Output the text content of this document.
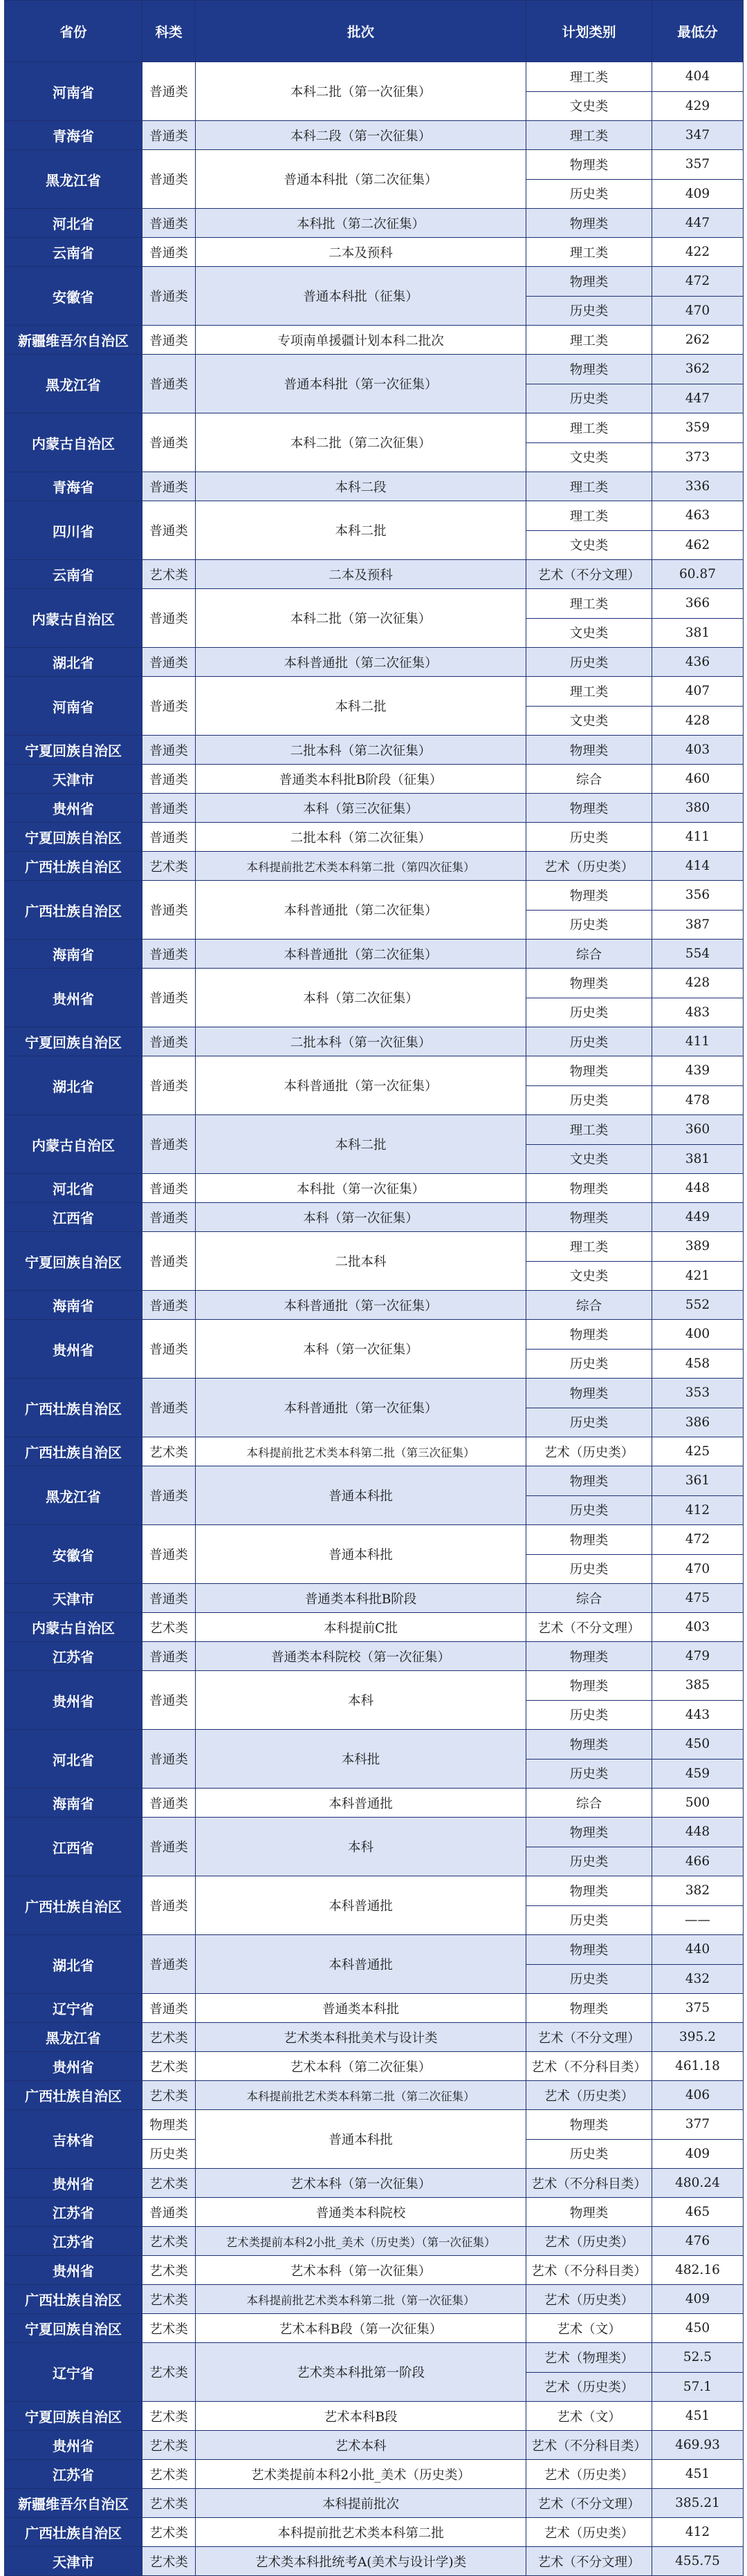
省份	科类	批次	计划类别	最低分
河南省	普通类	本科二批（第一次征集）	理工类	404
			文史类	429
青海省	普通类	本科二段（第一次征集）	理工类	347
黑龙江省	普通类	普通本科批（第二次征集）	物理类	357
			历史类	409
河北省	普通类	本科批（第二次征集）	物理类	447
云南省	普通类	二本及预科	理工类	422
安徽省	普通类	普通本科批（征集）	物理类	472
			历史类	470
新疆维吾尔自治区	普通类	专项南单援疆计划本科二批次	理工类	262
黑龙江省	普通类	普通本科批（第一次征集）	物理类	362
			历史类	447
内蒙古自治区	普通类	本科二批（第二次征集）	理工类	359
			文史类	373
青海省	普通类	本科二段	理工类	336
四川省	普通类	本科二批	理工类	463
			文史类	462
云南省	艺术类	二本及预科	艺术（不分文理）	60.87
内蒙古自治区	普通类	本科二批（第一次征集）	理工类	366
			文史类	381
湖北省	普通类	本科普通批（第二次征集）	历史类	436
河南省	普通类	本科二批	理工类	407
			文史类	428
宁夏回族自治区	普通类	二批本科（第二次征集）	物理类	403
天津市	普通类	普通类本科批B阶段（征集）	综合	460
贵州省	普通类	本科（第三次征集）	物理类	380
宁夏回族自治区	普通类	二批本科（第二次征集）	历史类	411
广西壮族自治区	艺术类	本科提前批艺术类本科第二批（第四次征集）	艺术（历史类）	414
广西壮族自治区	普通类	本科普通批（第二次征集）	物理类	356
			历史类	387
海南省	普通类	本科普通批（第二次征集）	综合	554
贵州省	普通类	本科（第二次征集）	物理类	428
			历史类	483
宁夏回族自治区	普通类	二批本科（第一次征集）	历史类	411
湖北省	普通类	本科普通批（第一次征集）	物理类	439
			历史类	478
内蒙古自治区	普通类	本科二批	理工类	360
			文史类	381
河北省	普通类	本科批（第一次征集）	物理类	448
江西省	普通类	本科（第一次征集）	物理类	449
宁夏回族自治区	普通类	二批本科	理工类	389
			文史类	421
海南省	普通类	本科普通批（第一次征集）	综合	552
贵州省	普通类	本科（第一次征集）	物理类	400
			历史类	458
广西壮族自治区	普通类	本科普通批（第一次征集）	物理类	353
			历史类	386
广西壮族自治区	艺术类	本科提前批艺术类本科第二批（第三次征集）	艺术（历史类）	425
黑龙江省	普通类	普通本科批	物理类	361
			历史类	412
安徽省	普通类	普通本科批	物理类	472
			历史类	470
天津市	普通类	普通类本科批B阶段	综合	475
内蒙古自治区	艺术类	本科提前C批	艺术（不分文理）	403
江苏省	普通类	普通类本科院校（第一次征集）	物理类	479
贵州省	普通类	本科	物理类	385
			历史类	443
河北省	普通类	本科批	物理类	450
			历史类	459
海南省	普通类	本科普通批	综合	500
江西省	普通类	本科	物理类	448
			历史类	466
广西壮族自治区	普通类	本科普通批	物理类	382
			历史类	——
湖北省	普通类	本科普通批	物理类	440
			历史类	432
辽宁省	普通类	普通类本科批	物理类	375
黑龙江省	艺术类	艺术类本科批美术与设计类	艺术（不分文理）	395.2
贵州省	艺术类	艺术本科（第二次征集）	艺术（不分科目类）	461.18
广西壮族自治区	艺术类	本科提前批艺术类本科第二批（第二次征集）	艺术（历史类）	406
吉林省	物理类	普通本科批	物理类	377
	历史类		历史类	409
贵州省	艺术类	艺术本科（第一次征集）	艺术（不分科目类）	480.24
江苏省	普通类	普通类本科院校	物理类	465
江苏省	艺术类	艺术类提前本科2小批_美术（历史类）（第一次征集）	艺术（历史类）	476
贵州省	艺术类	艺术本科（第一次征集）	艺术（不分科目类）	482.16
广西壮族自治区	艺术类	本科提前批艺术类本科第二批（第一次征集）	艺术（历史类）	409
宁夏回族自治区	艺术类	艺术本科B段（第一次征集）	艺术（文）	450
辽宁省	艺术类	艺术类本科批第一阶段	艺术（物理类）	52.5
			艺术（历史类）	57.1
宁夏回族自治区	艺术类	艺术本科B段	艺术（文）	451
贵州省	艺术类	艺术本科	艺术（不分科目类）	469.93
江苏省	艺术类	艺术类提前本科2小批_美术（历史类）	艺术（历史类）	451
新疆维吾尔自治区	艺术类	本科提前批次	艺术（不分文理）	385.21
广西壮族自治区	艺术类	本科提前批艺术类本科第二批	艺术（历史类）	412
天津市	艺术类	艺术类本科批统考A(美术与设计学)类	艺术（不分文理）	455.75
